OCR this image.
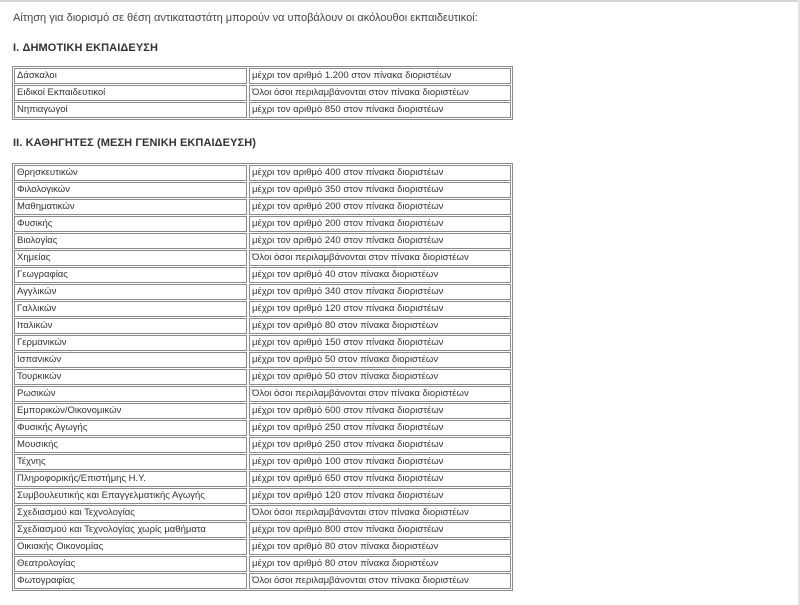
Αίτηση για διορισμό σε θέση αντικαταστάτη μπορούν να υποβάλουν οι ακόλουθοι εκπαιδευτικοί:
I. ΔΗΜΟΤΙΚΗ ΕΚΠΑΙΔΕΥΣΗ
Δάσκαλοι	μέχρι τον αριθμό 1.200 στον πίνακα διοριστέων
Ειδικοί Εκπαιδευτικοί	Όλοι όσοι περιλαμβάνονται στον πίνακα διοριστέων
Νηπιαγωγοί	μέχρι τον αριθμό 850 στον πίνακα διοριστέων
II. ΚΑΘΗΓΗΤΕΣ (ΜΕΣΗ ΓΕΝΙΚΗ ΕΚΠΑΙΔΕΥΣΗ)
Θρησκευτικών	μέχρι τον αριθμό 400 στον πίνακα διοριστέων
Φιλολογικών	μέχρι τον αριθμό 350 στον πίνακα διοριστέων
Μαθηματικών	μέχρι τον αριθμό 200 στον πίνακα διοριστέων
Φυσικής	μέχρι τον αριθμό 200 στον πίνακα διοριστέων
Βιολογίας	μέχρι τον αριθμό 240 στον πίνακα διοριστέων
Χημείας	Όλοι όσοι περιλαμβάνονται στον πίνακα διοριστέων
Γεωγραφίας	μέχρι τον αριθμό 40 στον πίνακα διοριστέων
Αγγλικών	μέχρι τον αριθμό 340 στον πίνακα διοριστέων
Γαλλικών	μέχρι τον αριθμό 120 στον πίνακα διοριστέων
Ιταλικών	μέχρι τον αριθμό 80 στον πίνακα διοριστέων
Γερμανικών	μέχρι τον αριθμό 150 στον πίνακα διοριστέων
Ισπανικών	μέχρι τον αριθμό 50 στον πίνακα διοριστέων
Τουρκικών	μέχρι τον αριθμό 50 στον πίνακα διοριστέων
Ρωσικών	Όλοι όσοι περιλαμβάνονται στον πίνακα διοριστέων
Εμπορικών/Οικονομικών	μέχρι τον αριθμό 600 στον πίνακα διοριστέων
Φυσικής Αγωγής	μέχρι τον αριθμό 250 στον πίνακα διοριστέων
Μουσικής	μέχρι τον αριθμό 250 στον πίνακα διοριστέων
Τέχνης	μέχρι τον αριθμό 100 στον πίνακα διοριστέων
Πληροφορικής/Επιστήμης Η.Υ.	μέχρι τον αριθμό 650 στον πίνακα διοριστέων
Συμβουλευτικής και Επαγγελματικής Αγωγής	μέχρι τον αριθμό 120 στον πίνακα διοριστέων
Σχεδιασμού και Τεχνολογίας	Όλοι όσοι περιλαμβάνονται στον πίνακα διοριστέων
Σχεδιασμού και Τεχνολογίας χωρίς μαθήματα	μέχρι τον αριθμό 800 στον πίνακα διοριστέων
Οικιακής Οικονομίας	μέχρι τον αριθμό 80 στον πίνακα διοριστέων
Θεατρολογίας	μέχρι τον αριθμό 80 στον πίνακα διοριστέων
Φωτογραφίας	Όλοι όσοι περιλαμβάνονται στον πίνακα διοριστέων
